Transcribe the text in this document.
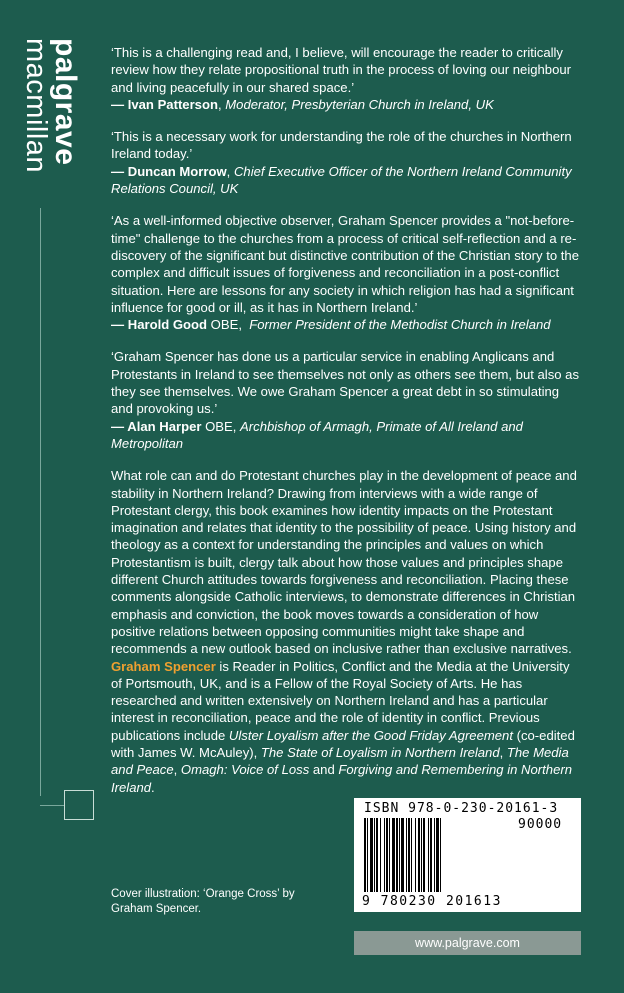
palgrave
macmillan	‘This is a challenging read and, I believe, will encourage the reader to critically review how they relate propositional truth in the process of loving our neighbour and living peacefully in our shared space.’

— Ivan Patterson, Moderator, Presbyterian Church in Ireland, UK

‘This is a necessary work for understanding the role of the churches in Northern Ireland today.’

— Duncan Morrow, Chief Executive Officer of the Northern Ireland Community Relations Council, UK

‘As a well-informed objective observer, Graham Spencer provides a "not-before-time" challenge to the churches from a process of critical self-reflection and a re-discovery of the significant but distinctive contribution of the Christian story to the complex and difficult issues of forgiveness and reconciliation in a post-conflict situation. Here are lessons for any society in which religion has had a significant influence for good or ill, as it has in Northern Ireland.’

— Harold Good OBE,  Former President of the Methodist Church in Ireland

‘Graham Spencer has done us a particular service in enabling Anglicans and Protestants in Ireland to see themselves not only as others see them, but also as they see themselves. We owe Graham Spencer a great debt in so stimulating and provoking us.’

— Alan Harper OBE, Archbishop of Armagh, Primate of All Ireland and Metropolitan

What role can and do Protestant churches play in the development of peace and stability in Northern Ireland? Drawing from interviews with a wide range of Protestant clergy, this book examines how identity impacts on the Protestant imagination and relates that identity to the possibility of peace. Using history and theology as a context for understanding the principles and values on which Protestantism is built, clergy talk about how those values and principles shape different Church attitudes towards forgiveness and reconciliation. Placing these comments alongside Catholic interviews, to demonstrate differences in Christian emphasis and conviction, the book moves towards a consideration of how positive relations between opposing communities might take shape and recommends a new outlook based on inclusive rather than exclusive narratives.

Graham Spencer is Reader in Politics, Conflict and the Media at the University of Portsmouth, UK, and is a Fellow of the Royal Society of Arts. He has researched and written extensively on Northern Ireland and has a particular interest in reconciliation, peace and the role of identity in conflict. Previous publications include Ulster Loyalism after the Good Friday Agreement (co-edited with James W. McAuley), The State of Loyalism in Northern Ireland, The Media and Peace, Omagh: Voice of Loss and Forgiving and Remembering in Northern Ireland.

ISBN 978-0-230-20161-3
90000
9 780230 201613
Cover illustration: ‘Orange Cross’ by Graham Spencer.
www.palgrave.com
